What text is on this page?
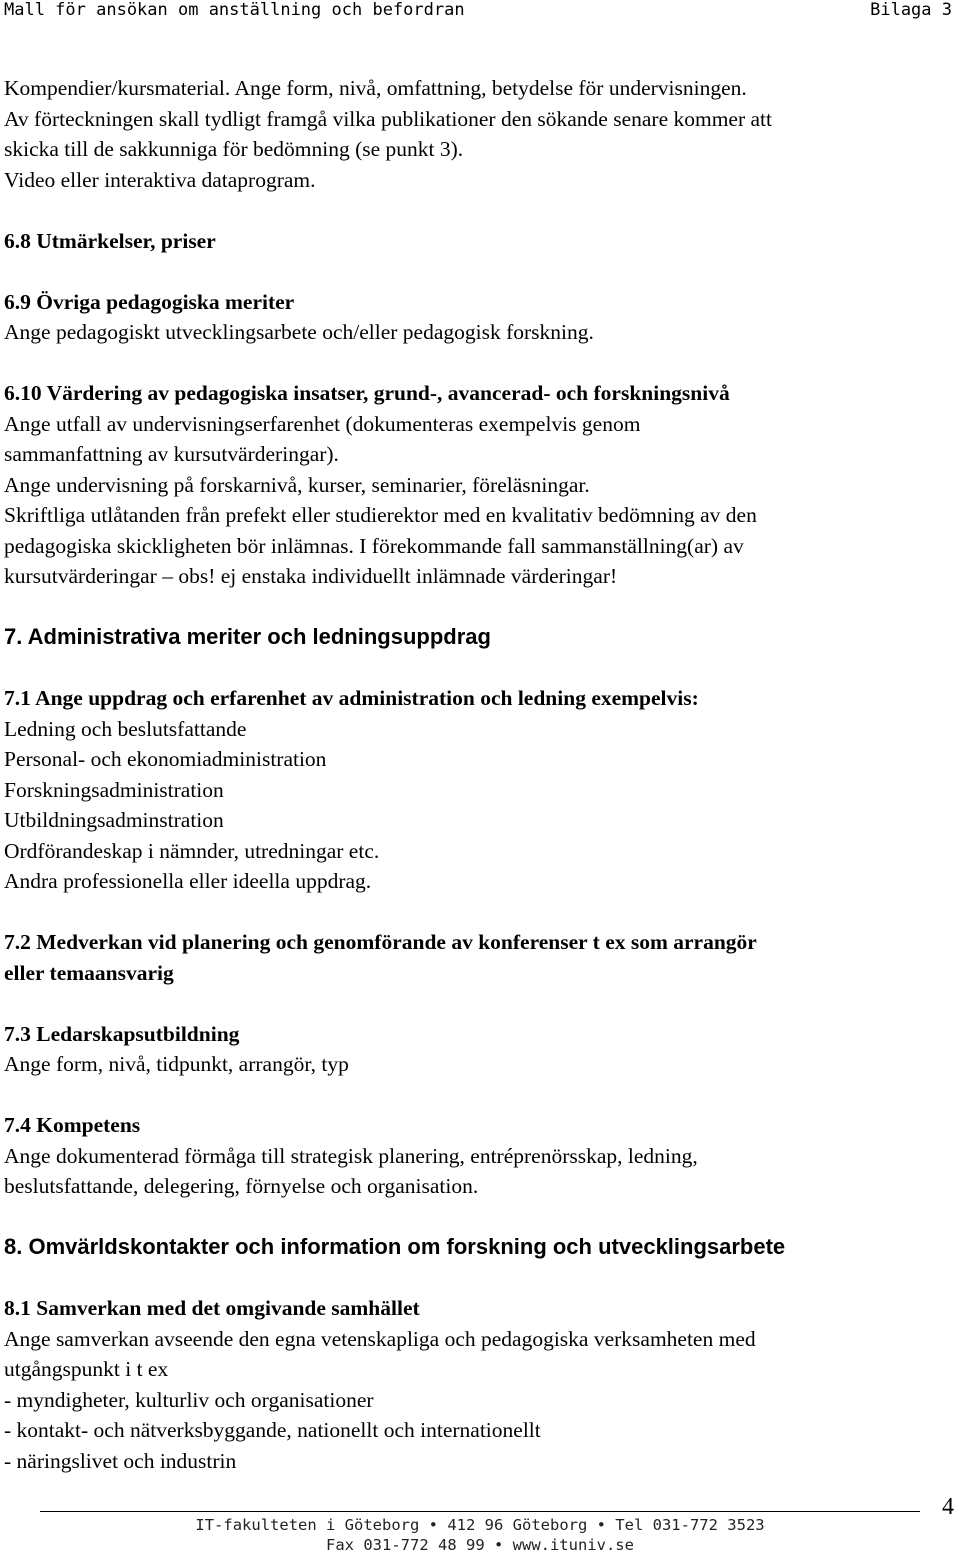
Mall för ansökan om anställning och befordran	Bilaga 3
Kompendier/kursmaterial. Ange form, nivå, omfattning, betydelse för undervisningen.
Av förteckningen skall tydligt framgå vilka publikationer den sökande senare kommer att
skicka till de sakkunniga för bedömning (se punkt 3).
Video eller interaktiva dataprogram.
6.8 Utmärkelser, priser
6.9 Övriga pedagogiska meriter
Ange pedagogiskt utvecklingsarbete och/eller pedagogisk forskning.
6.10 Värdering av pedagogiska insatser, grund-, avancerad- och forskningsnivå
Ange utfall av undervisningserfarenhet (dokumenteras exempelvis genom
sammanfattning av kursutvärderingar).
Ange undervisning på forskarnivå, kurser, seminarier, föreläsningar.
Skriftliga utlåtanden från prefekt eller studierektor med en kvalitativ bedömning av den
pedagogiska skickligheten bör inlämnas. I förekommande fall sammanställning(ar) av
kursutvärderingar – obs! ej enstaka individuellt inlämnade värderingar!
7. Administrativa meriter och ledningsuppdrag
7.1 Ange uppdrag och erfarenhet av administration och ledning exempelvis:
Ledning och beslutsfattande
Personal- och ekonomiadministration
Forskningsadministration
Utbildningsadminstration
Ordförandeskap i nämnder, utredningar etc.
Andra professionella eller ideella uppdrag.
7.2 Medverkan vid planering och genomförande av konferenser t ex som arrangör
eller temaansvarig
7.3 Ledarskapsutbildning
Ange form, nivå, tidpunkt, arrangör, typ
7.4 Kompetens
Ange dokumenterad förmåga till strategisk planering, entréprenörsskap, ledning,
beslutsfattande, delegering, förnyelse och organisation.
8. Omvärldskontakter och information om forskning och utvecklingsarbete
8.1 Samverkan med det omgivande samhället
Ange samverkan avseende den egna vetenskapliga och pedagogiska verksamheten med
utgångspunkt i t ex
- myndigheter, kulturliv och organisationer
- kontakt- och nätverksbyggande, nationellt och internationellt
- näringslivet och industrin
4
IT-fakulteten i Göteborg • 412 96 Göteborg • Tel 031-772 3523
Fax 031-772 48 99 • www.ituniv.se
